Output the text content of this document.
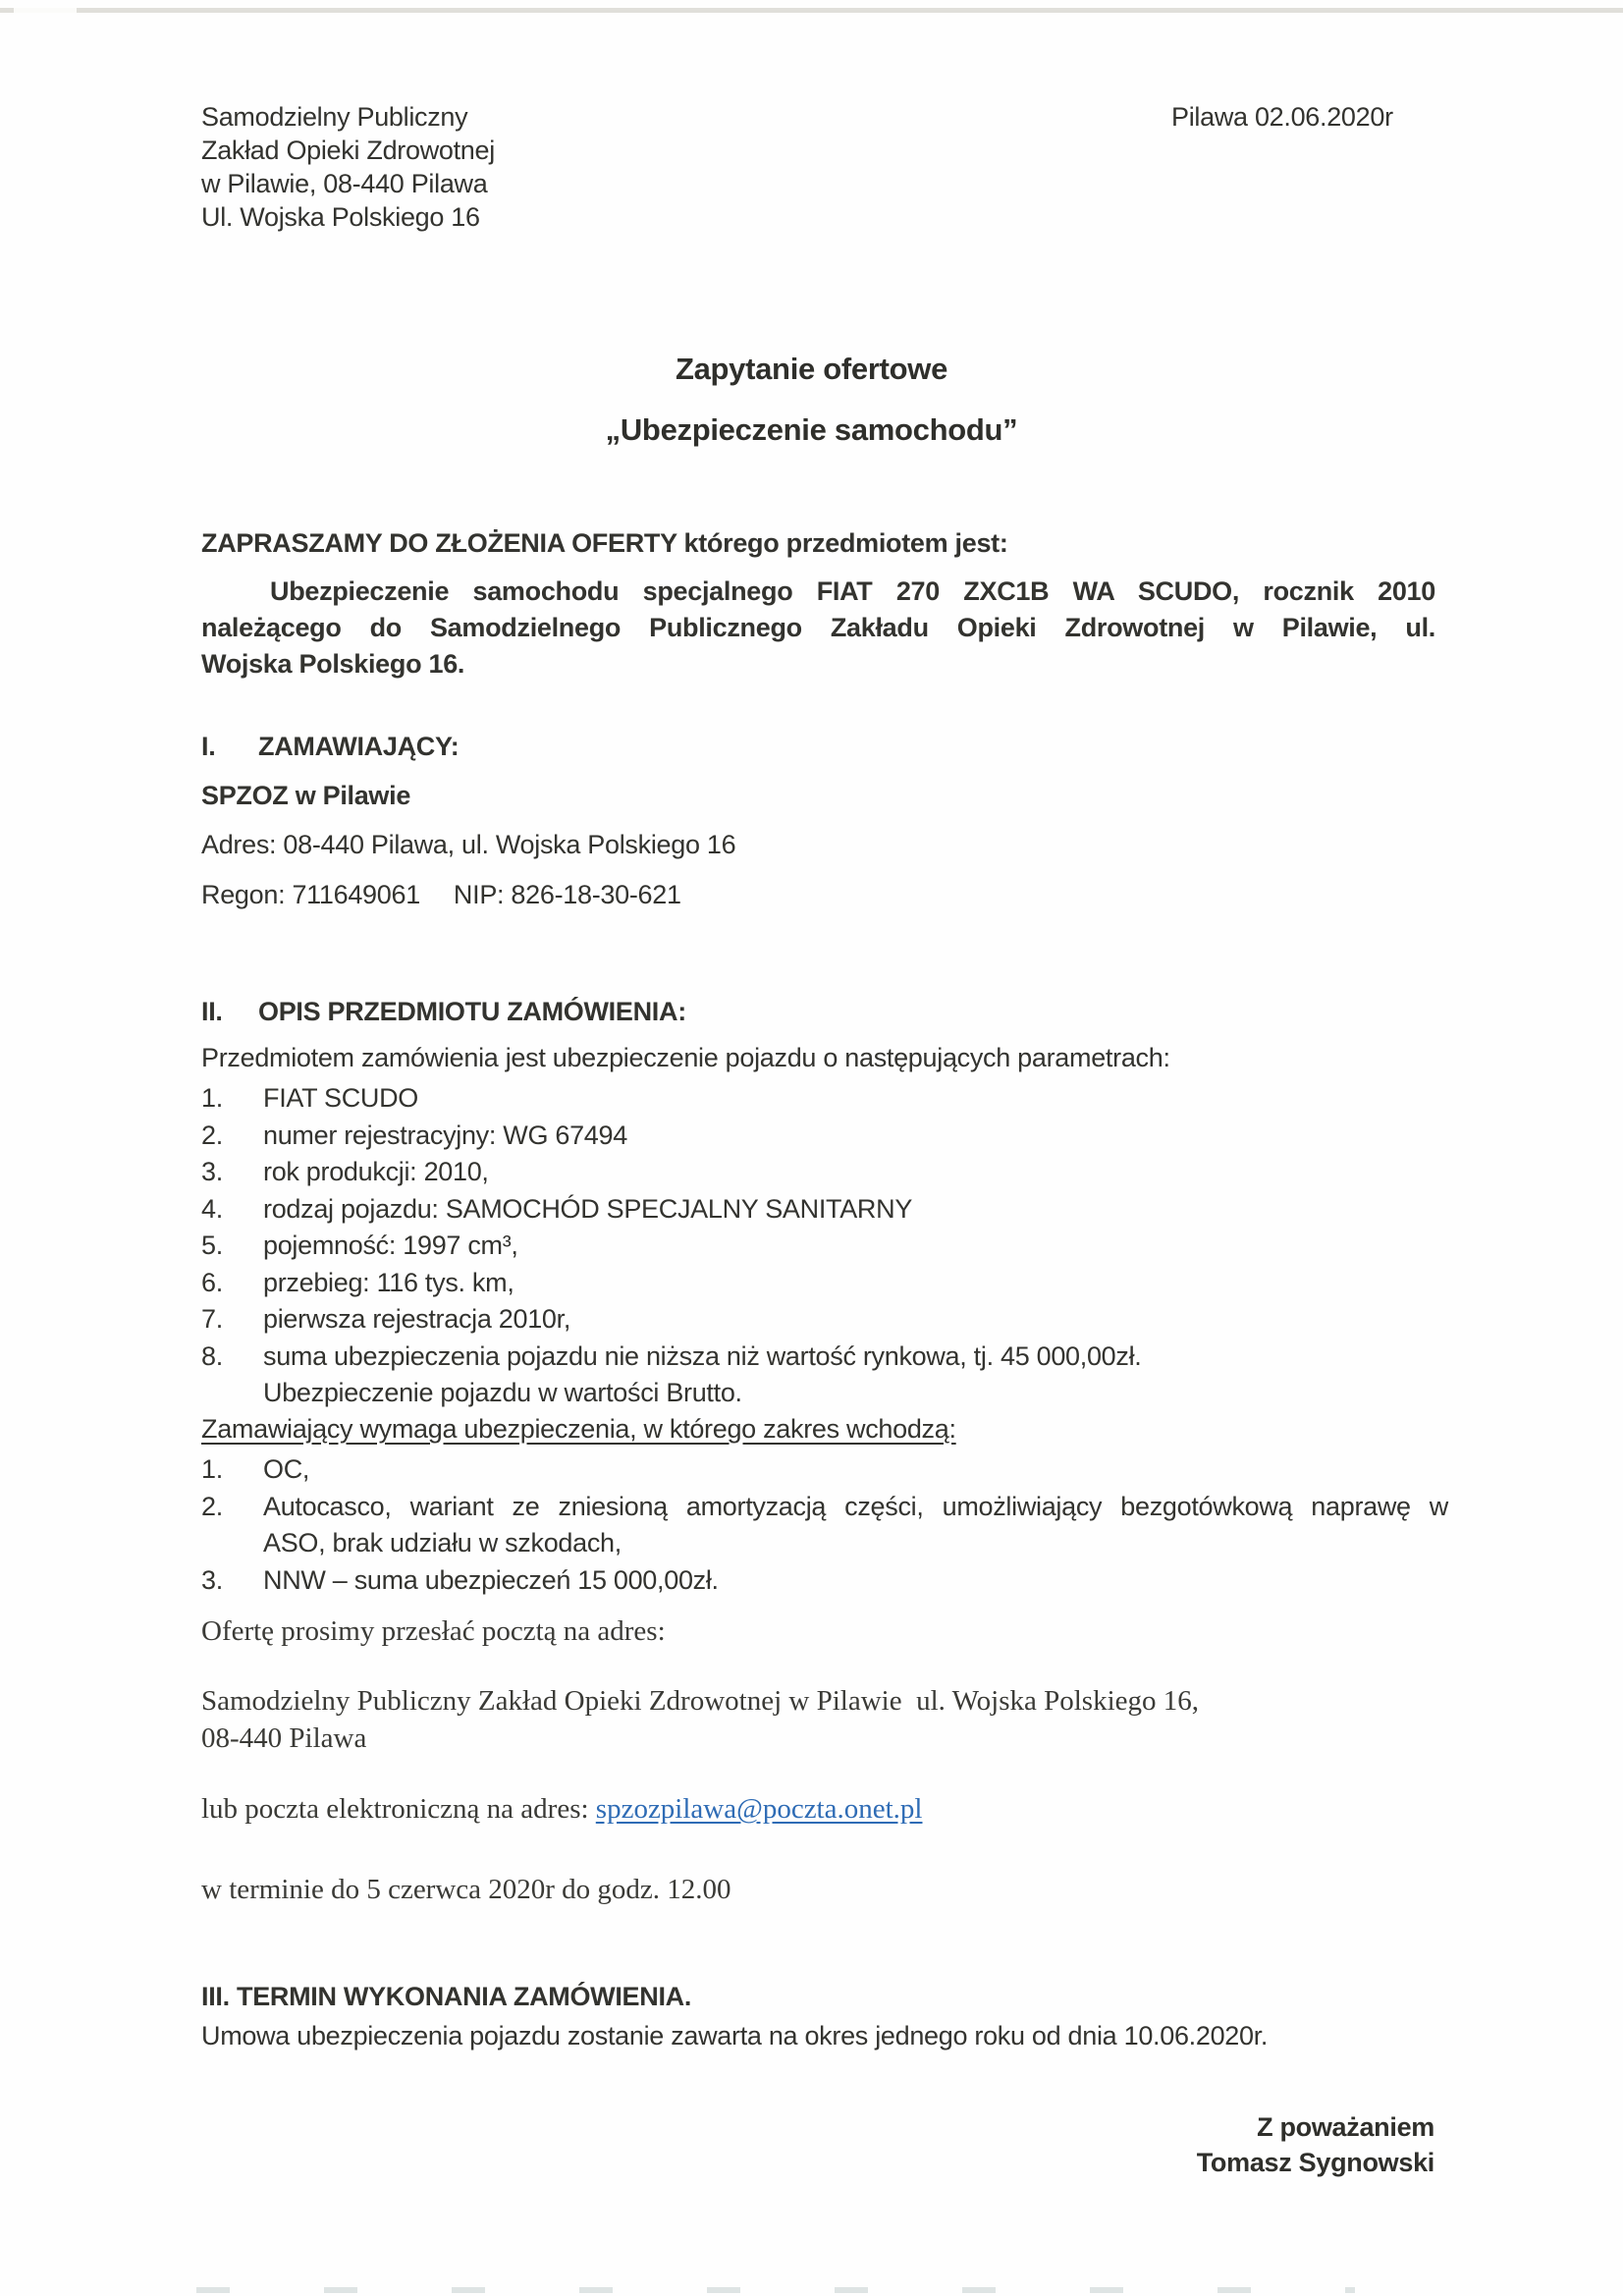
Samodzielny Publiczny
Zakład Opieki Zdrowotnej
w Pilawie, 08-440 Pilawa
Ul. Wojska Polskiego 16
Pilawa 02.06.2020r
Zapytanie ofertowe
„Ubezpieczenie samochodu”
ZAPRASZAMY DO ZŁOŻENIA OFERTY którego przedmiotem jest:
Ubezpieczenie samochodu specjalnego FIAT 270 ZXC1B WA SCUDO, rocznik 2010
należącego do Samodzielnego Publicznego Zakładu Opieki Zdrowotnej w Pilawie, ul.
Wojska Polskiego 16.
I. ZAMAWIAJĄCY:
SPZOZ w Pilawie
Adres: 08-440 Pilawa, ul. Wojska Polskiego 16
Regon: 711649061 NIP: 826-18-30-621
II. OPIS PRZEDMIOTU ZAMÓWIENIA:
Przedmiotem zamówienia jest ubezpieczenie pojazdu o następujących parametrach:
1.	FIAT SCUDO
2.	numer rejestracyjny: WG 67494
3.	rok produkcji: 2010,
4.	rodzaj pojazdu: SAMOCHÓD SPECJALNY SANITARNY
5.	pojemność: 1997 cm³,
6.	przebieg: 116 tys. km,
7.	pierwsza rejestracja 2010r,
8.	suma ubezpieczenia pojazdu nie niższa niż wartość rynkowa, tj. 45 000,00zł.
Ubezpieczenie pojazdu w wartości Brutto.
Zamawiający wymaga ubezpieczenia, w którego zakres wchodzą:
1.	OC,
2.	Autocasco, wariant ze zniesioną amortyzacją części, umożliwiający bezgotówkową naprawę w
ASO, brak udziału w szkodach,
3.	NNW – suma ubezpieczeń 15 000,00zł.
Ofertę prosimy przesłać pocztą na adres:
Samodzielny Publiczny Zakład Opieki Zdrowotnej w Pilawie  ul. Wojska Polskiego 16,
08-440 Pilawa
lub poczta elektroniczną na adres: spzozpilawa@poczta.onet.pl
w terminie do 5 czerwca 2020r do godz. 12.00
III. TERMIN WYKONANIA ZAMÓWIENIA.
Umowa ubezpieczenia pojazdu zostanie zawarta na okres jednego roku od dnia 10.06.2020r.
Z poważaniem
Tomasz Sygnowski
